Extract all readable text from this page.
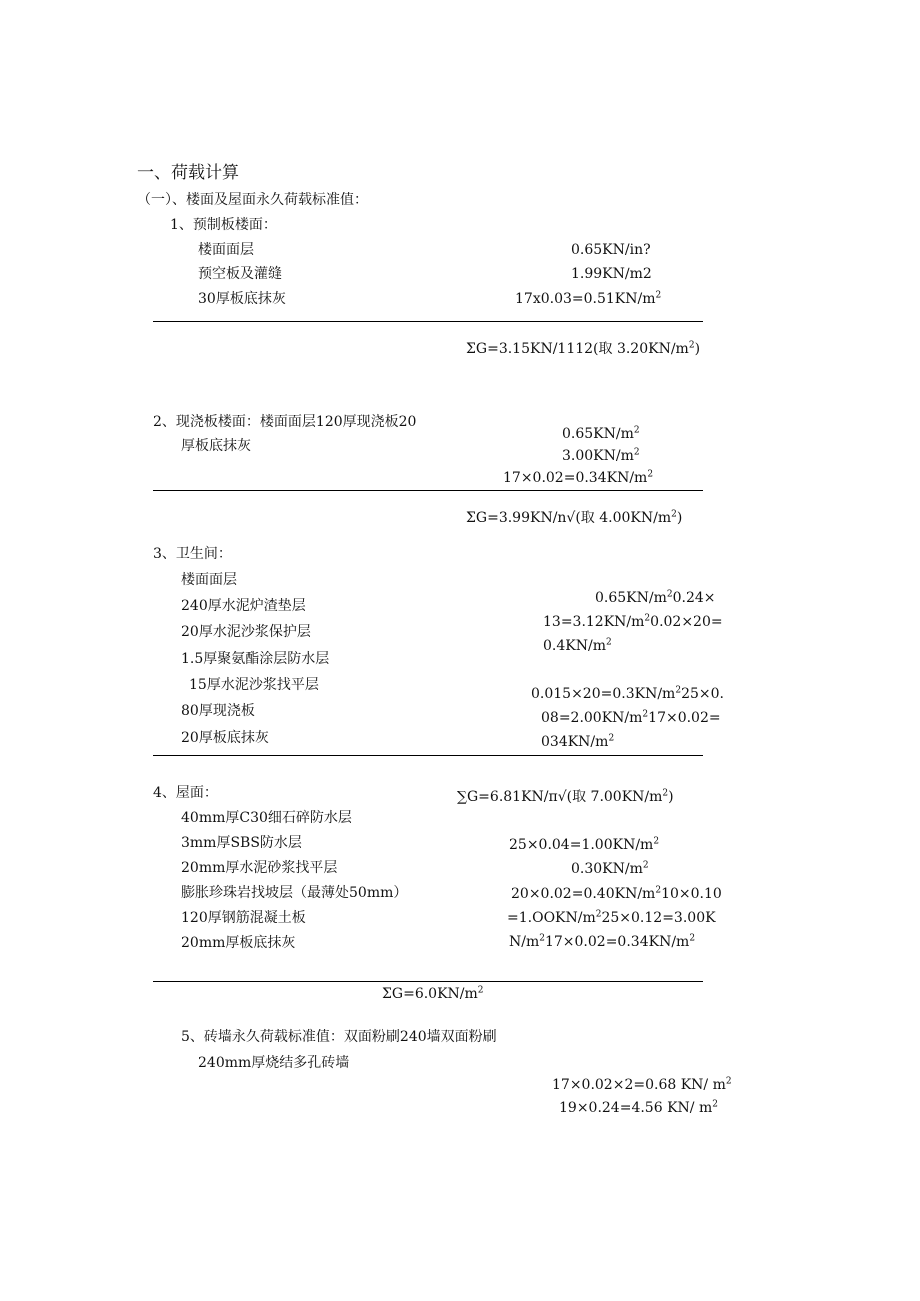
一、荷载计算
（一）、楼面及屋面永久荷载标准值：
1、预制板楼面：
楼面面层
预空板及灌缝
30厚板底抹灰
0.65KN/in?
1.99KN∕m2
$17x0.03=0.51KN/m^2$
ΣG=3.15KN/1112(取 $3.20KN∕m^2$)
2、现浇板楼面：楼面面层120厚现浇板20
厚板底抹灰
$0.65KN∕m^2$
$3.00KN/m^2$
$17\times 0.02=0.34KN/m^2$
ΣG=3.99KN/n√(取 $4.00KN∕m^2$)
3、卫生间：
楼面面层
240厚水泥炉渣垫层
20厚水泥沙浆保护层
1.5厚聚氨酯涂层防水层
15厚水泥沙浆找平层
80厚现浇板
20厚板底抹灰
$0.65KN∕m^20.24\times$
$13=3.12KN∕m^20.02\times 20=$
$0.4KN/m^2$
$0.015\times 20=0.3KN∕m^225\times 0$.
$08=2.00KN/m^217\times 0.02=$
$034KN/m^2$
4、屋面：	∑G=6.81KN/π√(取 $7.00KN∕m^2$)
40mm厚C30细石碎防水层
3mm厚SBS防水层
20mm厚水泥砂浆找平层
膨胀珍珠岩找坡层（最薄处50mm）
120厚钢筋混凝土板
20mm厚板底抹灰
$25\times 0.04=1.00KN∕m^2$
$0.30KN∕m^2$
$20\times 0.02=0.40KN/m^210\times 0.10$
$=1.OOKN/m^225\times 0.12=3.00K$
$N/m^217\times 0.02=0.34KN∕m^2$
$\Sigma G=6.0KN/m^2$
5、砖墙永久荷载标准值：双面粉刷240墙双面粉刷
240mm厚烧结多孔砖墙
17×0.02×2=0.68 KN/ $m^2$
19×0.24=4.56 KN/ $m^2$
